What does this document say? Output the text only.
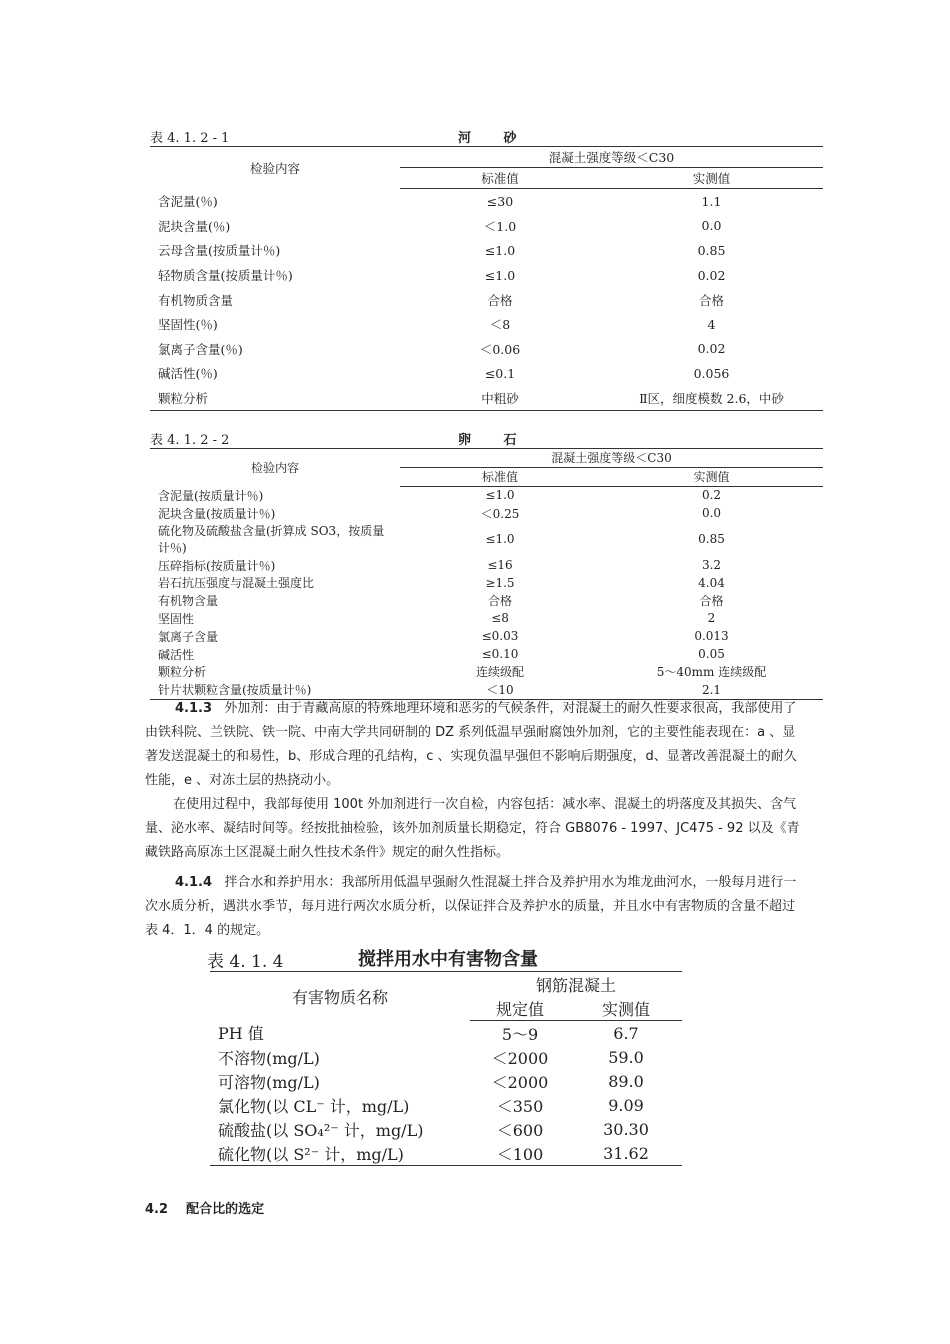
表 4. 1. 2 - 1	河 砂
检验内容	混凝土强度等级＜C30	
	标准值	实测值
含泥量(％)	≤30	1.1
泥块含量(％)	＜1.0	0.0
云母含量(按质量计％)	≤1.0	0.85
轻物质含量(按质量计％)	≤1.0	0.02
有机物质含量	合格	合格
坚固性(％)	＜8	4
氯离子含量(％)	＜0.06	0.02
碱活性(％)	≤0.1	0.056
颗粒分析	中粗砂	Ⅱ区，细度模数 2.6，中砂
表 4. 1. 2 - 2	卵 石
检验内容	混凝土强度等级＜C30	
	标准值	实测值
含泥量(按质量计％)	≤1.0	0.2
泥块含量(按质量计％)	＜0.25	0.0
硫化物及硫酸盐含量(折算成 SO3，按质量计％)	≤1.0	0.85
压碎指标(按质量计％)	≤16	3.2
岩石抗压强度与混凝土强度比	≥1.5	4.04
有机物含量	合格	合格
坚固性	≤8	2
氯离子含量	≤0.03	0.013
碱活性	≤0.10	0.05
颗粒分析	连续级配	5～40mm 连续级配
针片状颗粒含量(按质量计％)	＜10	2.1

4.1.3 外加剂：由于青藏高原的特殊地理环境和恶劣的气候条件，对混凝土的耐久性要求很高，我部使用了由铁科院、兰铁院、铁一院、中南大学共同研制的 DZ 系列低温早强耐腐蚀外加剂，它的主要性能表现在：a 、显著发送混凝土的和易性，b、形成合理的孔结构，c 、实现负温早强但不影响后期强度，d、显著改善混凝土的耐久性能，e 、对冻土层的热挠动小。

在使用过程中，我部每使用 100t 外加剂进行一次自检，内容包括：减水率、混凝土的坍落度及其损失、含气量、泌水率、凝结时间等。经按批抽检验，该外加剂质量长期稳定，符合 GB8076 - 1997、JC475 - 92 以及《青藏铁路高原冻土区混凝土耐久性技术条件》规定的耐久性指标。

4.1.4 拌合水和养护用水：我部所用低温早强耐久性混凝土拌合及养护用水为堆龙曲河水，一般每月进行一次水质分析，遇洪水季节，每月进行两次水质分析，以保证拌合及养护水的质量，并且水中有害物质的含量不超过表 4．1．4 的规定。

表 4. 1. 4	搅拌用水中有害物含量
有害物质名称	钢筋混凝土	
	规定值	实测值
PH 值	5～9	6.7
不溶物(mg/L)	＜2000	59.0
可溶物(mg/L)	＜2000	89.0
氯化物(以 CL⁻ 计，mg/L)	＜350	9.09
硫酸盐(以 SO₄²⁻ 计，mg/L)	＜600	30.30
硫化物(以 S²⁻ 计，mg/L)	＜100	31.62
4.2 配合比的选定
